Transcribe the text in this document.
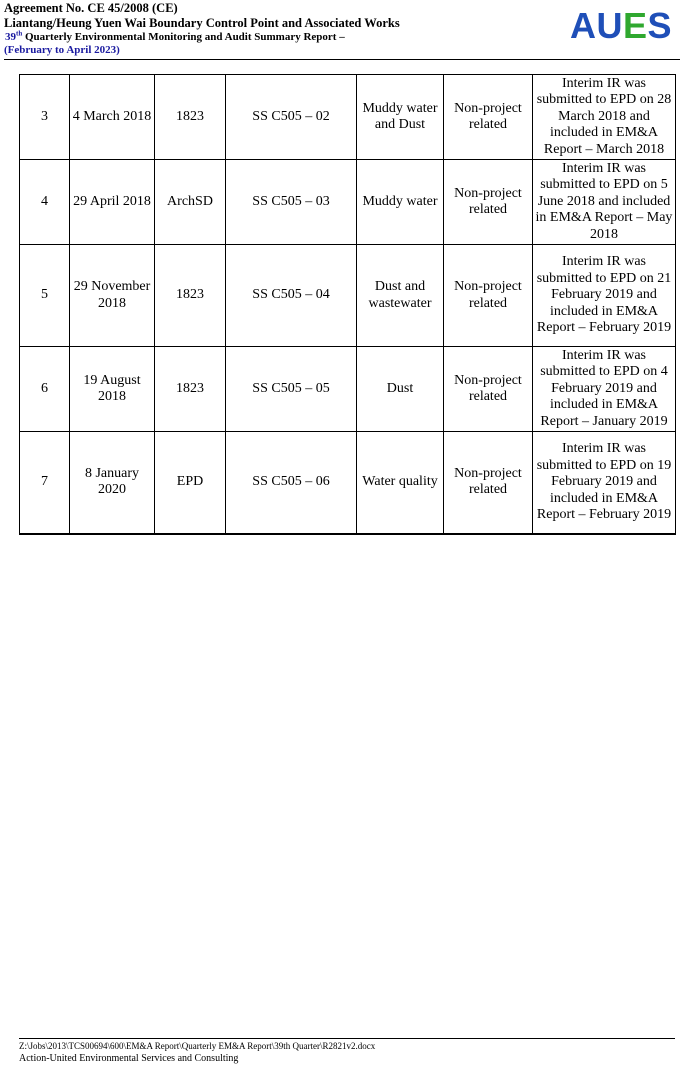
Agreement No. CE 45/2008 (CE)
Liantang/Heung Yuen Wai Boundary Control Point and Associated Works
39th Quarterly Environmental Monitoring and Audit Summary Report –
(February to April 2023)
AUES
3	4 March 2018	1823	SS C505 – 02	Muddy water and Dust	Non-project related	Interim IR was submitted to EPD on 28 March 2018 and included in EM&A Report – March 2018
4	29 April 2018	ArchSD	SS C505 – 03	Muddy water	Non-project related	Interim IR was submitted to EPD on 5 June 2018 and included in EM&A Report – May 2018
5	29 November 2018	1823	SS C505 – 04	Dust and wastewater	Non-project related	Interim IR was submitted to EPD on 21 February 2019 and included in EM&A Report – February 2019
6	19 August 2018	1823	SS C505 – 05	Dust	Non-project related	Interim IR was submitted to EPD on 4 February 2019 and included in EM&A Report – January 2019
7	8 January 2020	EPD	SS C505 – 06	Water quality	Non-project related	Interim IR was submitted to EPD on 19 February 2019 and included in EM&A Report – February 2019
Z:\Jobs\2013\TCS00694\600\EM&A Report\Quarterly EM&A Report\39th Quarter\R2821v2.docx
Action-United Environmental Services and Consulting
